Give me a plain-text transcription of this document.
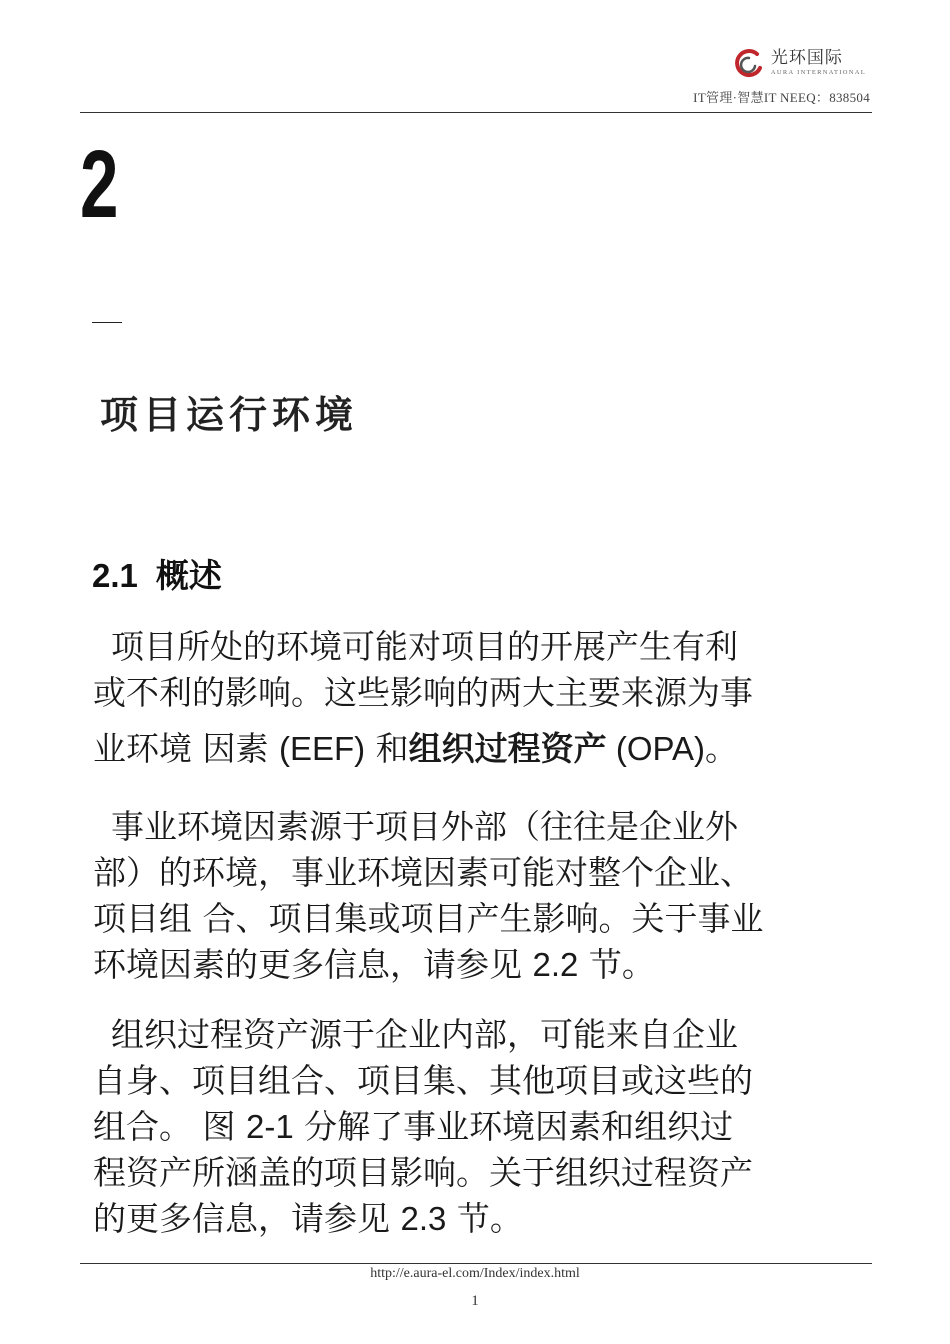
光环国际
AURA INTERNATIONAL
IT管理·智慧IT NEEQ：838504
2
项目运行环境
2.1 概述
项目所处的环境可能对项目的开展产生有利
或不利的影响。这些影响的两大主要来源为事
业环境 因素 (EEF) 和组织过程资产 (OPA)。
事业环境因素源于项目外部（往往是企业外
部）的环境，事业环境因素可能对整个企业、
项目组 合、项目集或项目产生影响。关于事业
环境因素的更多信息，请参见 2.2 节。
组织过程资产源于企业内部，可能来自企业
自身、项目组合、项目集、其他项目或这些的
组合。 图 2-1 分解了事业环境因素和组织过
程资产所涵盖的项目影响。关于组织过程资产
的更多信息，请参见 2.3 节。
http://e.aura-el.com/Index/index.html
1
